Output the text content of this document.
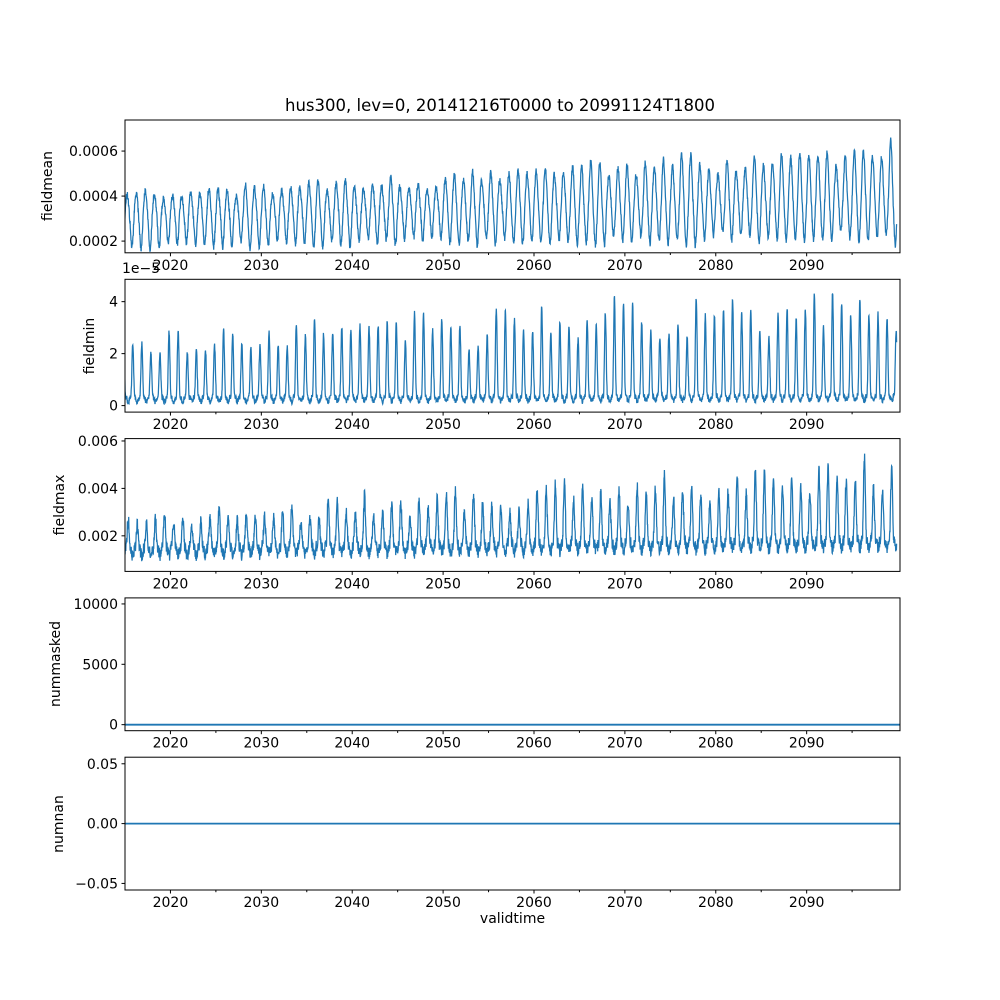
0.0002
0.0004
0.0006
2020	2030	2040	2050	2060	2070	2080	2090
0
2
4
2020	2030	2040	2050	2060	2070	2080	2090
0.002
0.004
0.006
2020	2030	2040	2050	2060	2070	2080	2090
0
5000
10000
2020	2030	2040	2050	2060	2070	2080	2090
−0.05
0.00
0.05
2020	2030	2040	2050	2060	2070	2080	2090
hus300, lev=0, 20141216T0000 to 20991124T1800
validtime
fieldmean
fieldmin
fieldmax
nummasked
numnan
1e−5
